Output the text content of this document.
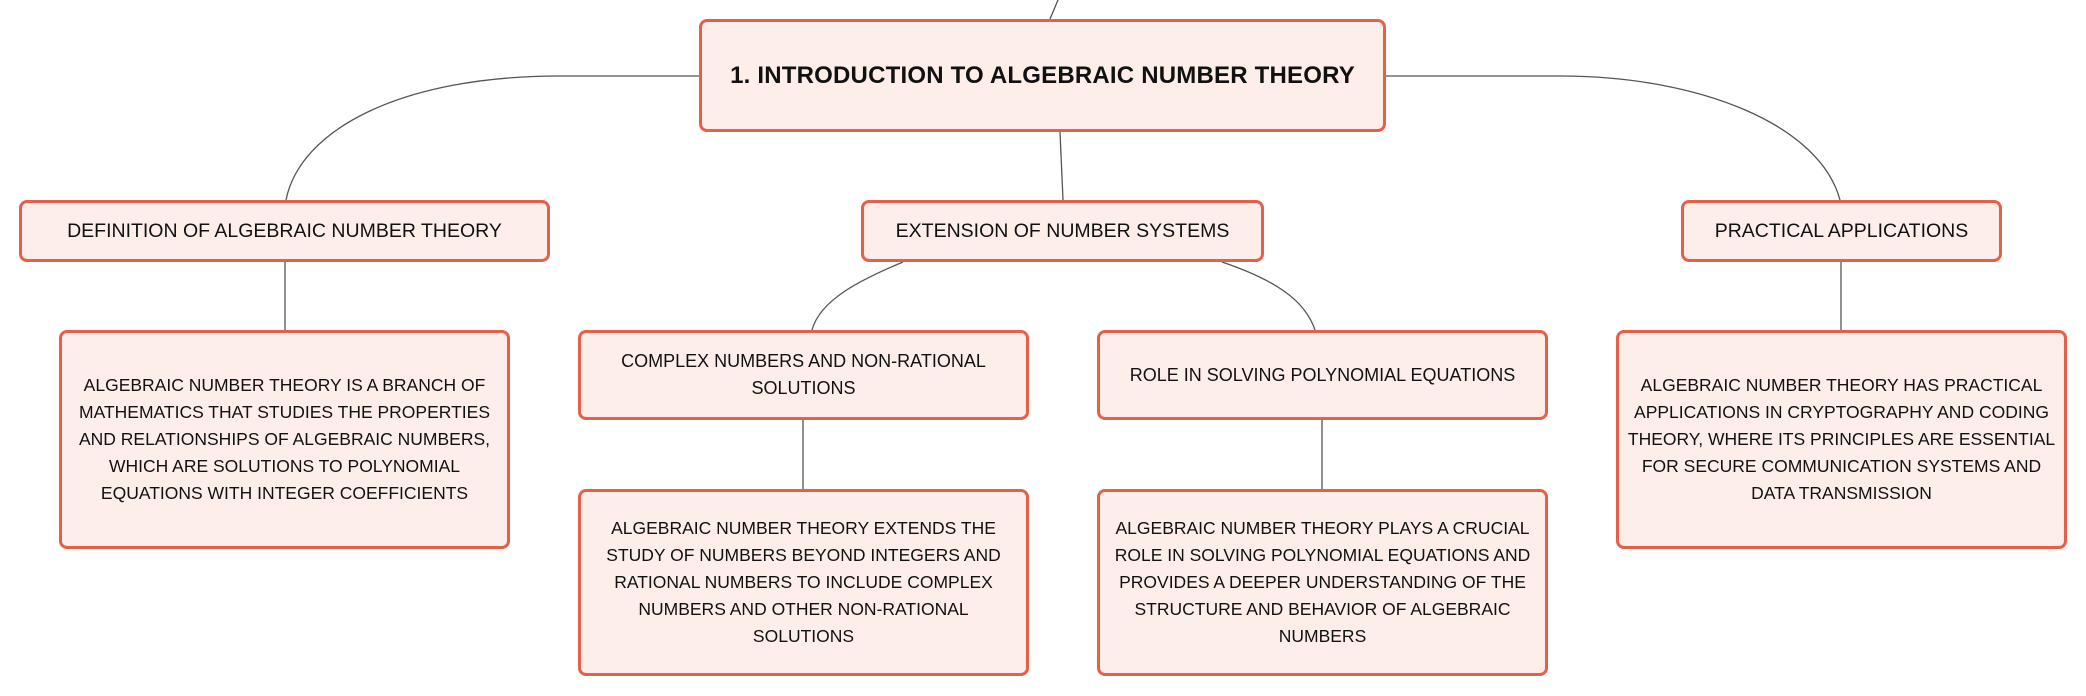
1. INTRODUCTION TO ALGEBRAIC NUMBER THEORY
DEFINITION OF ALGEBRAIC NUMBER THEORY	EXTENSION OF NUMBER SYSTEMS	PRACTICAL APPLICATIONS
COMPLEX NUMBERS AND NON-RATIONAL SOLUTIONS
ROLE IN SOLVING POLYNOMIAL EQUATIONS
ALGEBRAIC NUMBER THEORY IS A BRANCH OF MATHEMATICS THAT STUDIES THE PROPERTIES AND RELATIONSHIPS OF ALGEBRAIC NUMBERS, WHICH ARE SOLUTIONS TO POLYNOMIAL EQUATIONS WITH INTEGER COEFFICIENTS
ALGEBRAIC NUMBER THEORY EXTENDS THE STUDY OF NUMBERS BEYOND INTEGERS AND RATIONAL NUMBERS TO INCLUDE COMPLEX NUMBERS AND OTHER NON-RATIONAL SOLUTIONS
ALGEBRAIC NUMBER THEORY PLAYS A CRUCIAL ROLE IN SOLVING POLYNOMIAL EQUATIONS AND PROVIDES A DEEPER UNDERSTANDING OF THE STRUCTURE AND BEHAVIOR OF ALGEBRAIC NUMBERS
ALGEBRAIC NUMBER THEORY HAS PRACTICAL APPLICATIONS IN CRYPTOGRAPHY AND CODING THEORY, WHERE ITS PRINCIPLES ARE ESSENTIAL FOR SECURE COMMUNICATION SYSTEMS AND DATA TRANSMISSION
